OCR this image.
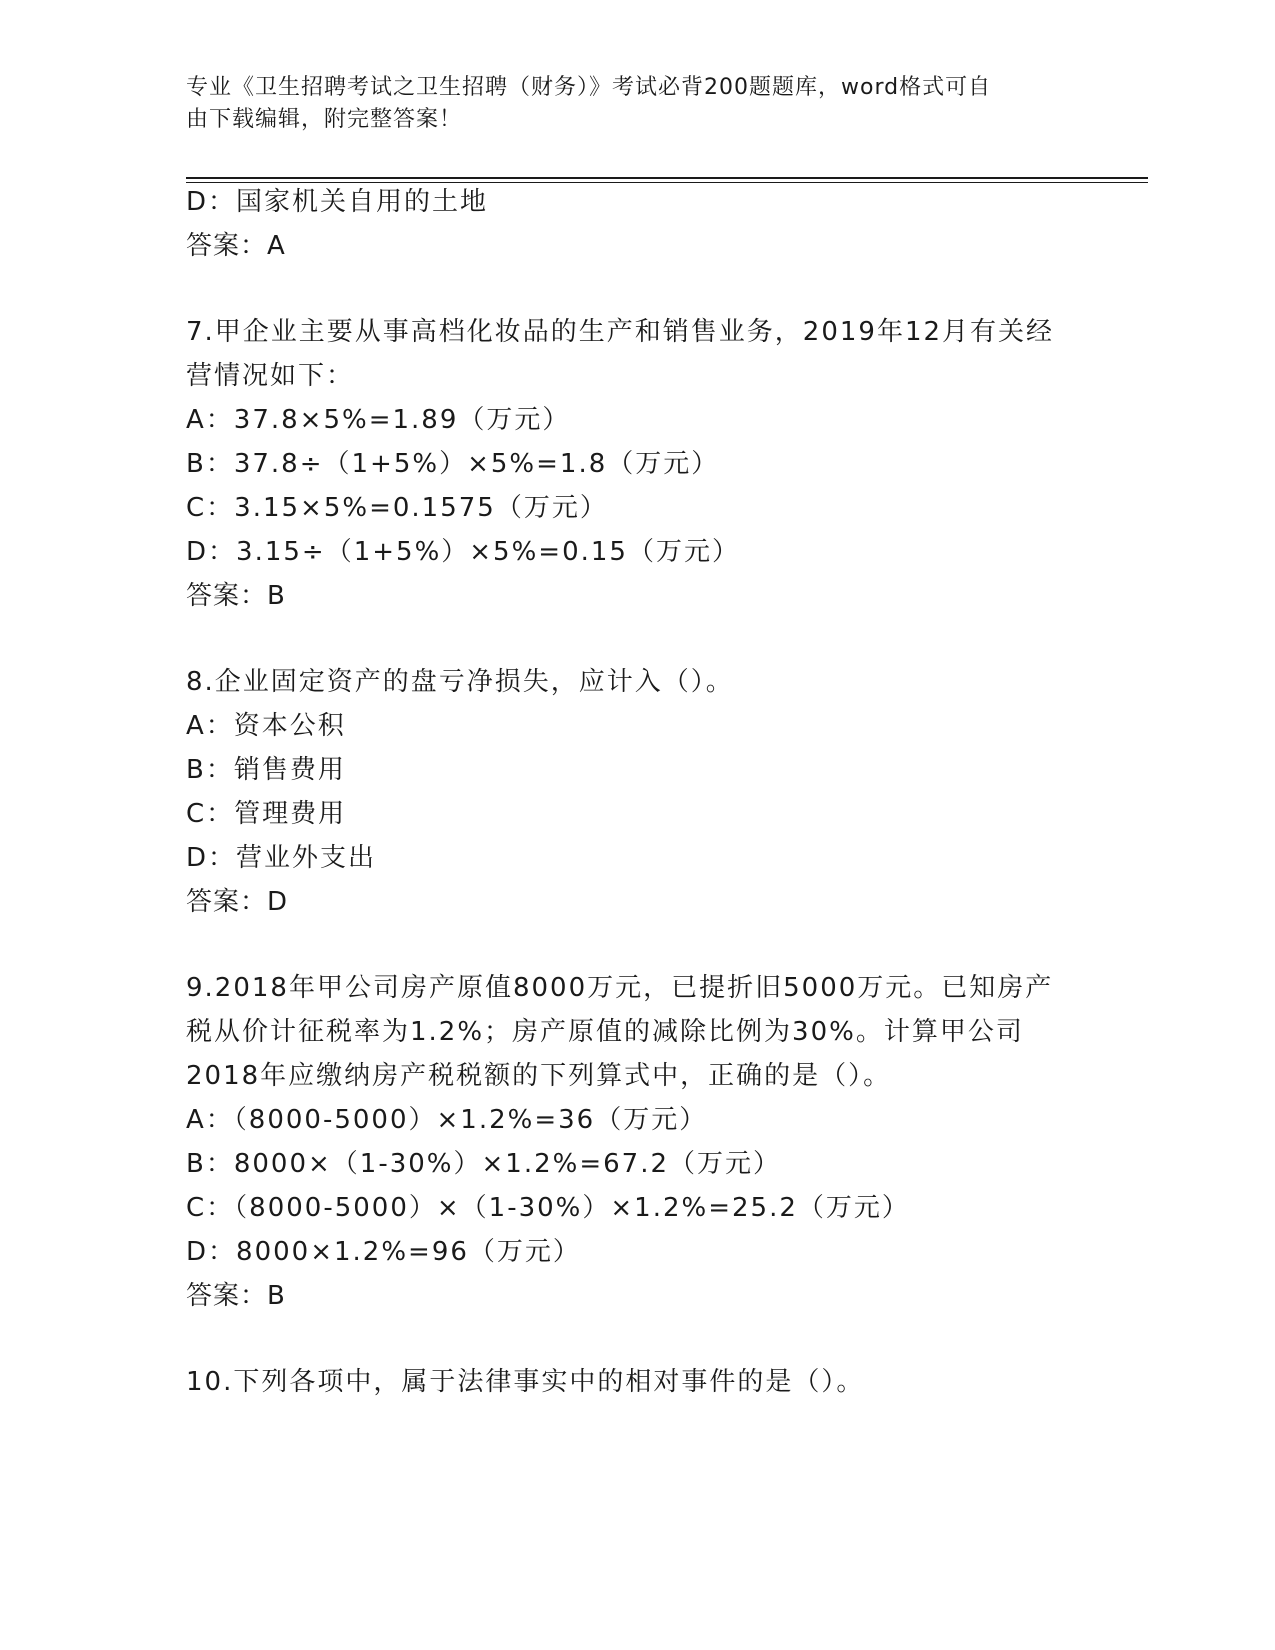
专业《卫生招聘考试之卫生招聘（财务）》考试必背200题题库，word格式可自
由下载编辑，附完整答案！
D：国家机关自用的土地
答案：A
7.甲企业主要从事高档化妆品的生产和销售业务，2019年12月有关经
营情况如下：
A：37.8×5%=1.89（万元）
B：37.8÷（1+5%）×5%=1.8（万元）
C：3.15×5%=0.1575（万元）
D：3.15÷（1+5%）×5%=0.15（万元）
答案：B
8.企业固定资产的盘亏净损失，应计入（）。
A：资本公积
B：销售费用
C：管理费用
D：营业外支出
答案：D
9.2018年甲公司房产原值8000万元，已提折旧5000万元。已知房产
税从价计征税率为1.2%；房产原值的减除比例为30%。计算甲公司
2018年应缴纳房产税税额的下列算式中，正确的是（）。
A：（8000-5000）×1.2%=36（万元）
B：8000×（1-30%）×1.2%=67.2（万元）
C：（8000-5000）×（1-30%）×1.2%=25.2（万元）
D：8000×1.2%=96（万元）
答案：B
10.下列各项中，属于法律事实中的相对事件的是（）。
